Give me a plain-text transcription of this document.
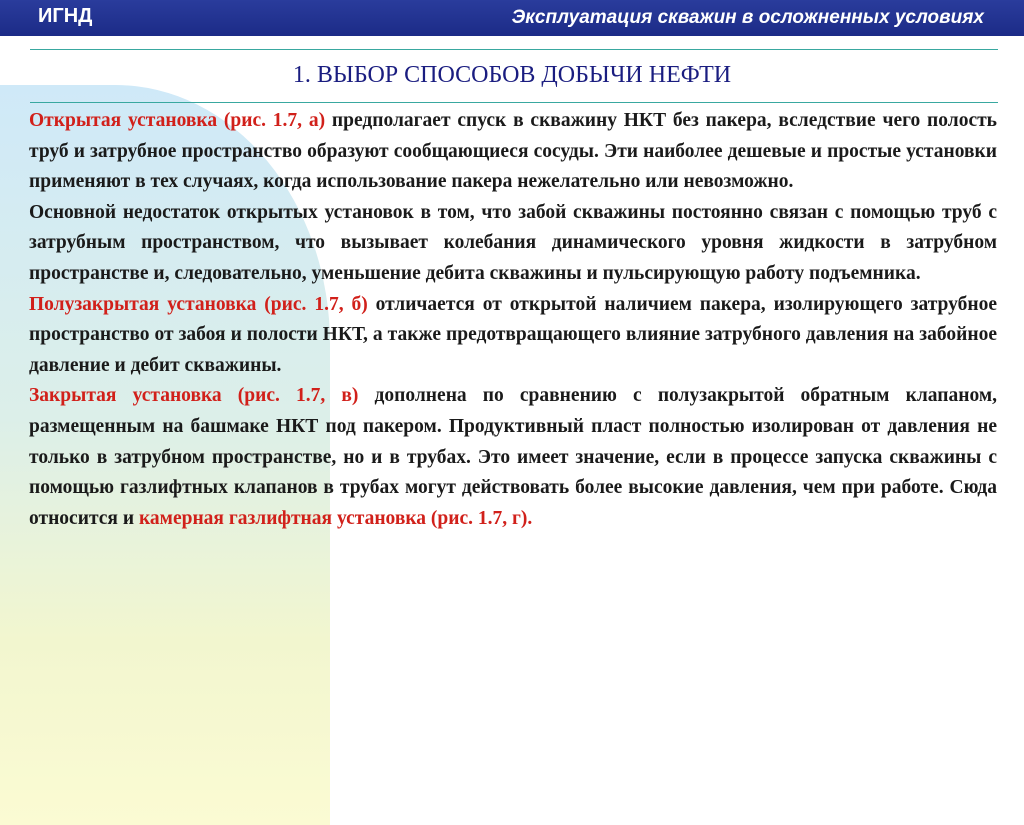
ИГНД	Эксплуатация скважин в осложненных условиях
1. ВЫБОР СПОСОБОВ ДОБЫЧИ НЕФТИ

Открытая установка (рис. 1.7, а) предполагает спуск в скважину НКТ без пакера, вследствие чего полость труб и затрубное пространство образуют сообщающиеся сосуды. Эти наиболее дешевые и простые установки применяют в тех случаях, когда использование пакера нежелательно или невозможно.

Основной недостаток открытых установок в том, что забой скважины постоянно связан с помощью труб с затрубным пространством, что вызывает колебания динамического уровня жидкости в затрубном пространстве и, следовательно, уменьшение дебита скважины и пульсирующую работу подъемника.

Полузакрытая установка (рис. 1.7, б) отличается от открытой наличием пакера, изолирующего затрубное пространство от забоя и полости НКТ, а также предотвращающего влияние затрубного давления на забойное давление и дебит скважины.

Закрытая установка (рис. 1.7, в) дополнена по сравнению с полузакрытой обратным клапаном, размещенным на башмаке НКТ под пакером. Продуктивный пласт полностью изолирован от давления не только в затрубном пространстве, но и в трубах. Это имеет значение, если в процессе запуска скважины с помощью газлифтных клапанов в трубах могут действовать более высокие давления, чем при работе. Сюда относится и камерная газлифтная установка (рис. 1.7, г).
